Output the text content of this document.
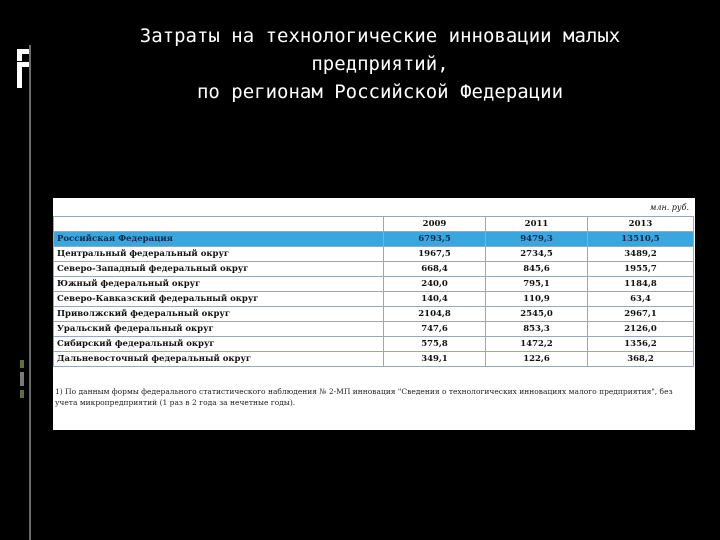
Затраты на технологические инновации малых
предприятий,
по регионам Российской Федерации
млн. руб.
	2009	2011	2013
Российская Федерация	6793,5	9479,3	13510,5
Центральный федеральный округ	1967,5	2734,5	3489,2
Северо-Западный федеральный округ	668,4	845,6	1955,7
Южный федеральный округ	240,0	795,1	1184,8
Северо-Кавказский федеральный округ	140,4	110,9	63,4
Приволжский федеральный округ	2104,8	2545,0	2967,1
Уральский федеральный округ	747,6	853,3	2126,0
Сибирский федеральный округ	575,8	1472,2	1356,2
Дальневосточный федеральный округ	349,1	122,6	368,2
1) По данным формы федерального статистического наблюдения № 2-МП инновация "Сведения о технологических инновациях малого предприятия", без учета микропредприятий (1 раз в 2 года за нечетные годы).
